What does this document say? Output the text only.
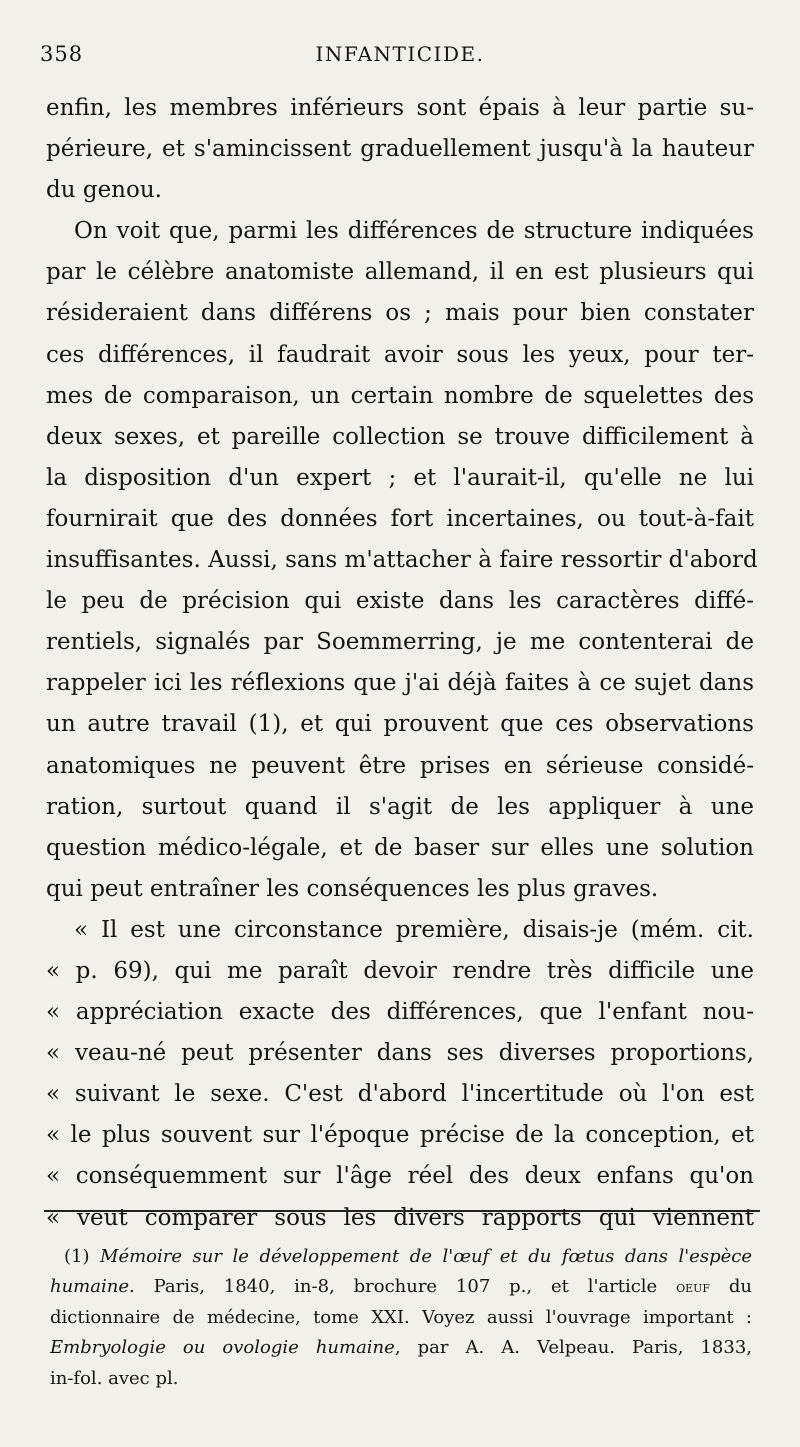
358	INFANTICIDE.
enfin, les membres inférieurs sont épais à leur partie su-
périeure, et s'amincissent graduellement jusqu'à la hauteur
du genou.
On voit que, parmi les différences de structure indiquées
par le célèbre anatomiste allemand, il en est plusieurs qui
résideraient dans différens os ; mais pour bien constater
ces différences, il faudrait avoir sous les yeux, pour ter-
mes de comparaison, un certain nombre de squelettes des
deux sexes, et pareille collection se trouve difficilement à
la disposition d'un expert ; et l'aurait-il, qu'elle ne lui
fournirait que des données fort incertaines, ou tout-à-fait
insuffisantes. Aussi, sans m'attacher à faire ressortir d'abord
le peu de précision qui existe dans les caractères diffé-
rentiels, signalés par Soemmerring, je me contenterai de
rappeler ici les réflexions que j'ai déjà faites à ce sujet dans
un autre travail (1), et qui prouvent que ces observations
anatomiques ne peuvent être prises en sérieuse considé-
ration, surtout quand il s'agit de les appliquer à une
question médico-légale, et de baser sur elles une solution
qui peut entraîner les conséquences les plus graves.
« Il est une circonstance première, disais-je (mém. cit.
« p. 69), qui me paraît devoir rendre très difficile une
« appréciation exacte des différences, que l'enfant nou-
« veau-né peut présenter dans ses diverses proportions,
« suivant le sexe. C'est d'abord l'incertitude où l'on est
« le plus souvent sur l'époque précise de la conception, et
« conséquemment sur l'âge réel des deux enfans qu'on
« veut comparer sous les divers rapports qui viennent
(1) Mémoire sur le développement de l'œuf et du fœtus dans l'espèce
humaine. Paris, 1840, in-8, brochure 107 p., et l'article oeuf du
dictionnaire de médecine, tome XXI. Voyez aussi l'ouvrage important :
Embryologie ou ovologie humaine, par A. A. Velpeau. Paris, 1833,
in-fol. avec pl.
